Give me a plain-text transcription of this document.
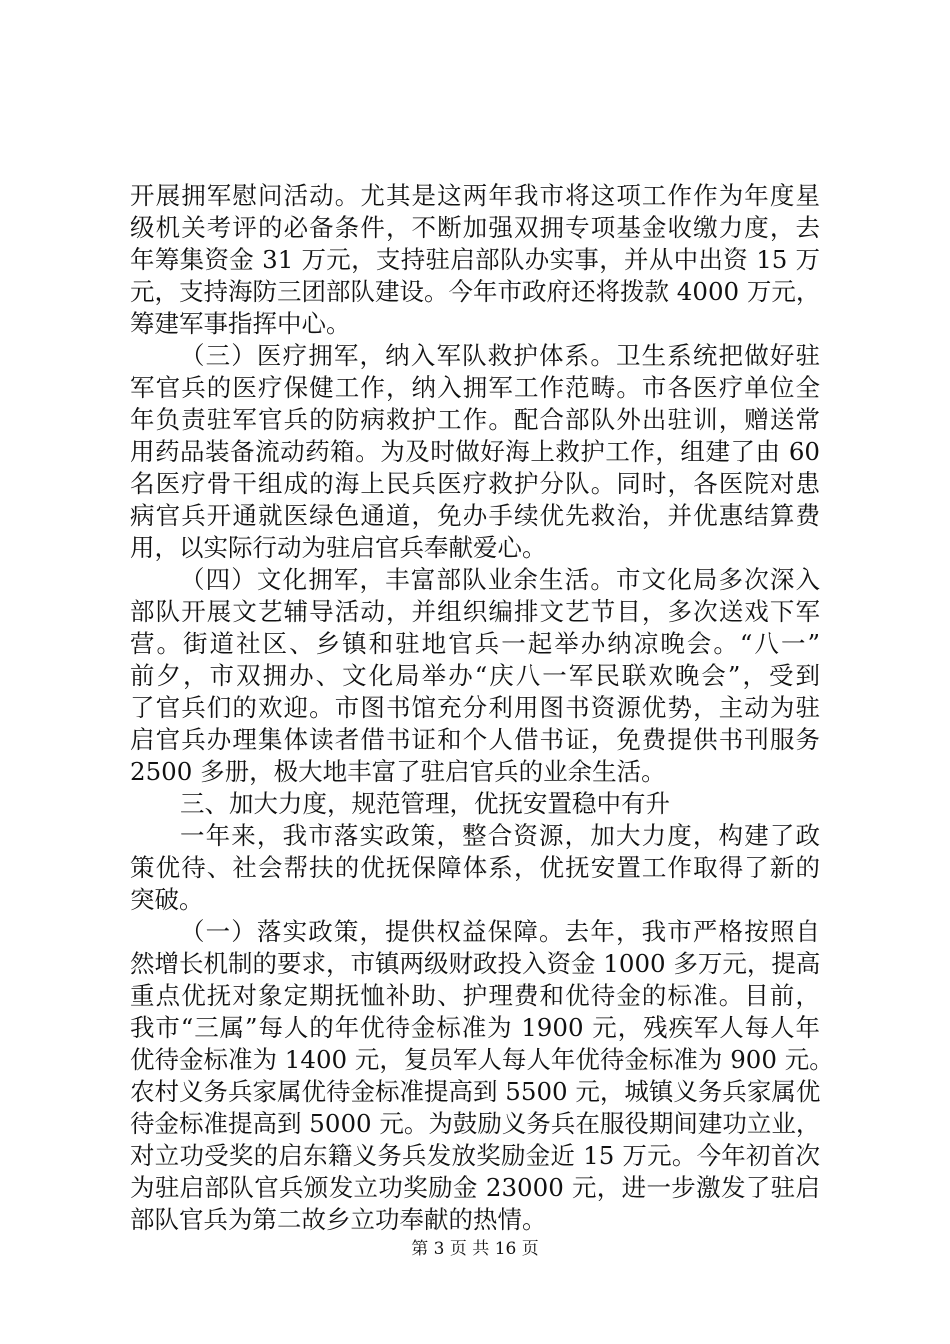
开展拥军慰问活动。尤其是这两年我市将这项工作作为年度星
级机关考评的必备条件，不断加强双拥专项基金收缴力度，去
年筹集资金 31 万元，支持驻启部队办实事，并从中出资 15 万
元，支持海防三团部队建设。今年市政府还将拨款 4000 万元，
筹建军事指挥中心。
（三）医疗拥军，纳入军队救护体系。卫生系统把做好驻
军官兵的医疗保健工作，纳入拥军工作范畴。市各医疗单位全
年负责驻军官兵的防病救护工作。配合部队外出驻训，赠送常
用药品装备流动药箱。为及时做好海上救护工作，组建了由 60
名医疗骨干组成的海上民兵医疗救护分队。同时，各医院对患
病官兵开通就医绿色通道，免办手续优先救治，并优惠结算费
用，以实际行动为驻启官兵奉献爱心。
（四）文化拥军，丰富部队业余生活。市文化局多次深入
部队开展文艺辅导活动，并组织编排文艺节目，多次送戏下军
营。街道社区、乡镇和驻地官兵一起举办纳凉晚会。“八一”
前夕，市双拥办、文化局举办“庆八一军民联欢晚会”，受到
了官兵们的欢迎。市图书馆充分利用图书资源优势，主动为驻
启官兵办理集体读者借书证和个人借书证，免费提供书刊服务
2500 多册，极大地丰富了驻启官兵的业余生活。
三、加大力度，规范管理，优抚安置稳中有升
一年来，我市落实政策，整合资源，加大力度，构建了政
策优待、社会帮扶的优抚保障体系，优抚安置工作取得了新的
突破。
（一）落实政策，提供权益保障。去年，我市严格按照自
然增长机制的要求，市镇两级财政投入资金 1000 多万元，提高
重点优抚对象定期抚恤补助、护理费和优待金的标准。目前，
我市“三属”每人的年优待金标准为 1900 元，残疾军人每人年
优待金标准为 1400 元，复员军人每人年优待金标准为 900 元。
农村义务兵家属优待金标准提高到 5500 元，城镇义务兵家属优
待金标准提高到 5000 元。为鼓励义务兵在服役期间建功立业，
对立功受奖的启东籍义务兵发放奖励金近 15 万元。今年初首次
为驻启部队官兵颁发立功奖励金 23000 元，进一步激发了驻启
部队官兵为第二故乡立功奉献的热情。
第 3 页 共 16 页
